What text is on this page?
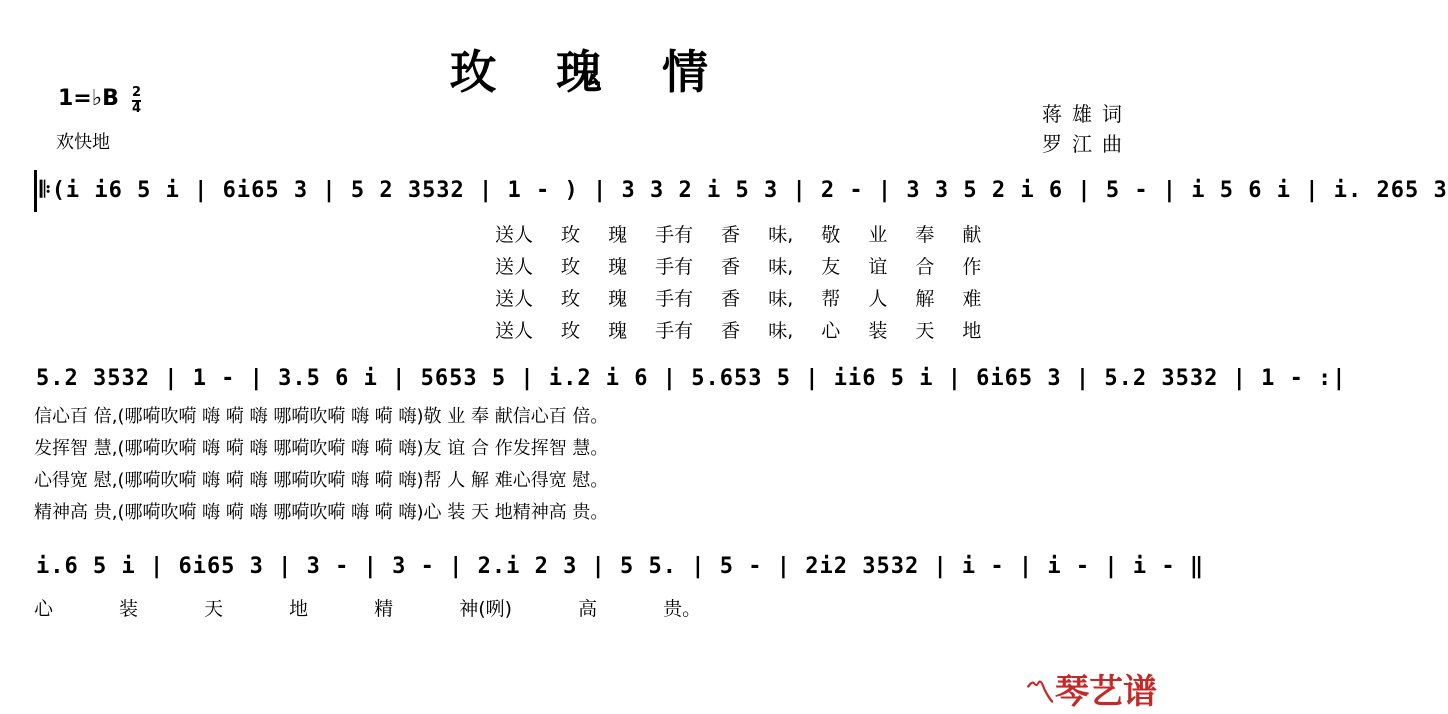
玫 瑰 情
1=♭B $\frac{2}{4}$
欢快地
蒋雄词
罗江曲
𝄆(i i6 5 i | 6i65 3 | 5 2 3532 | 1 - ) | 3 3 2 i 5 3 | 2 - | 3 3 5 2 i 6 | 5 - | i 5 6 i | i. 265 3
送人 玫 瑰 手有 香 味, 敬 业 奉 献
送人 玫 瑰 手有 香 味, 友 谊 合 作
送人 玫 瑰 手有 香 味, 帮 人 解 难
送人 玫 瑰 手有 香 味, 心 装 天 地
5.2 3532 | 1 - | 3.5 6 i | 5653 5 | i.2 i 6 | 5.653 5 | ii6 5 i | 6i65 3 | 5.2 3532 | 1 - :|
信心百 倍,(哪嗬吹嗬 嗨 嗬 嗨 哪嗬吹嗬 嗨 嗬 嗨)敬 业 奉 献信心百 倍。
发挥智 慧,(哪嗬吹嗬 嗨 嗬 嗨 哪嗬吹嗬 嗨 嗬 嗨)友 谊 合 作发挥智 慧。
心得宽 慰,(哪嗬吹嗬 嗨 嗬 嗨 哪嗬吹嗬 嗨 嗬 嗨)帮 人 解 难心得宽 慰。
精神高 贵,(哪嗬吹嗬 嗨 嗬 嗨 哪嗬吹嗬 嗨 嗬 嗨)心 装 天 地精神高 贵。
i.6 5 i | 6i65 3 | 3 - | 3 - | 2.i 2 3 | 5 5. | 5 - | 2i2 3532 | i - | i - | i - ‖
心 装 天 地 精 神(咧) 高 贵。
〽琴艺谱
